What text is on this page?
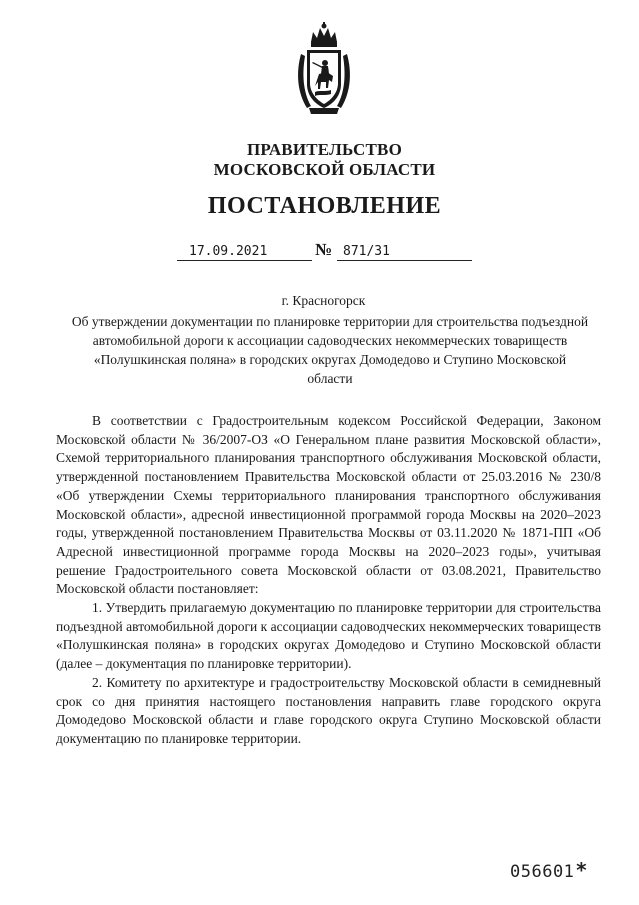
ПРАВИТЕЛЬСТВО
МОСКОВСКОЙ ОБЛАСТИ
ПОСТАНОВЛЕНИЕ
17.09.2021	№ 871/31
г. Красногорск
Об утверждении документации по планировке территории для строительства подъездной автомобильной дороги к ассоциации садоводческих некоммерческих товариществ «Полушкинская поляна» в городских округах Домодедово и Ступино Московской области

В соответствии с Градостроительным кодексом Российской Федерации, Законом Московской области № 36/2007-ОЗ «О Генеральном плане развития Московской области», Схемой территориального планирования транспортного обслуживания Московской области, утвержденной постановлением Правительства Московской области от 25.03.2016 № 230/8 «Об утверждении Схемы территориального планирования транспортного обслуживания Московской области», адресной инвестиционной программой города Москвы на 2020–2023 годы, утвержденной постановлением Правительства Москвы от 03.11.2020 № 1871-ПП «Об Адресной инвестиционной программе города Москвы на 2020–2023 годы», учитывая решение Градостроительного совета Московской области от 03.08.2021, Правительство Московской области постановляет:

1. Утвердить прилагаемую документацию по планировке территории для строительства подъездной автомобильной дороги к ассоциации садоводческих некоммерческих товариществ «Полушкинская поляна» в городских округах Домодедово и Ступино Московской области (далее – документация по планировке территории).

2. Комитету по архитектуре и градостроительству Московской области в семидневный срок со дня принятия настоящего постановления направить главе городского округа Домодедово Московской области и главе городского округа Ступино Московской области документацию по планировке территории.

056601*
